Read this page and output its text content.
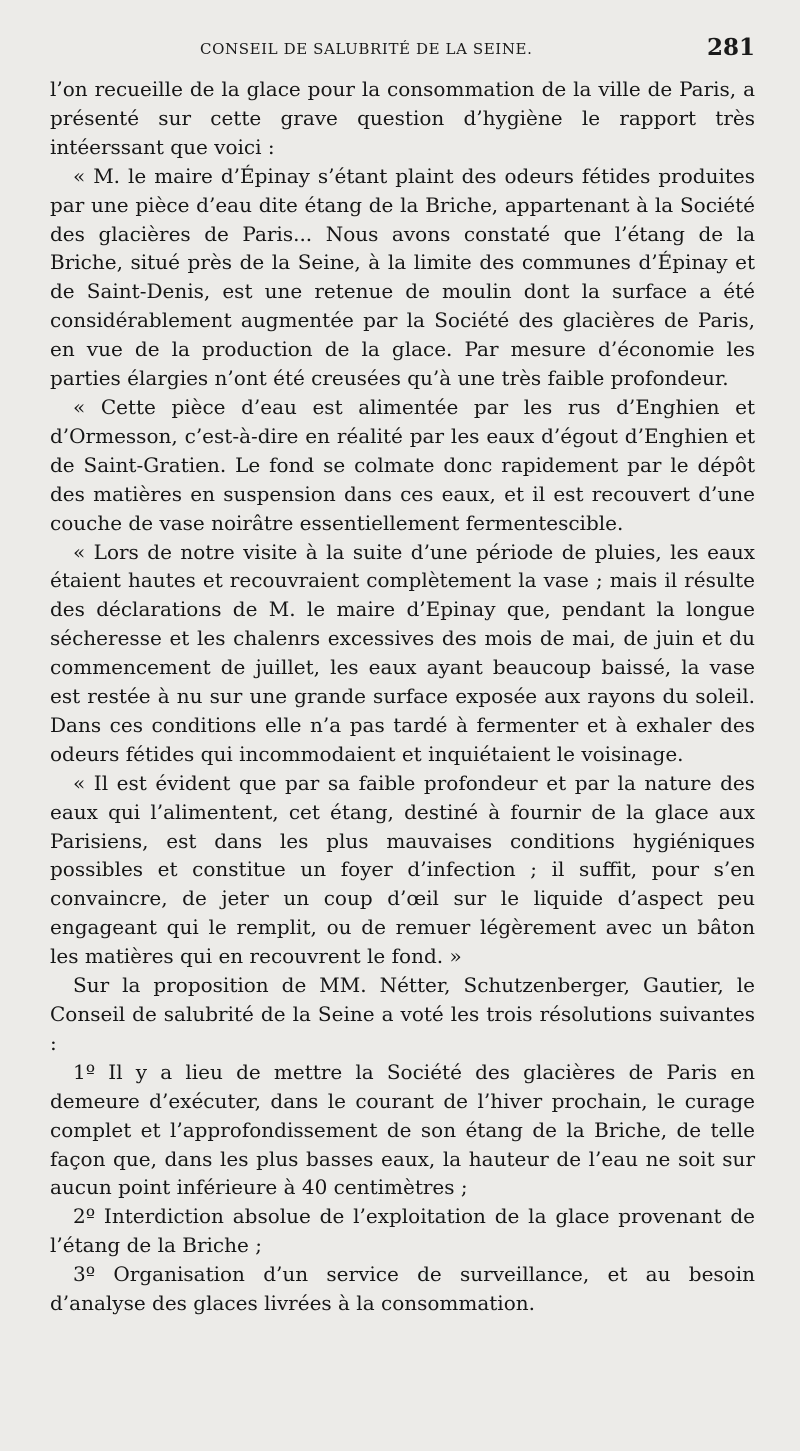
CONSEIL DE SALUBRITÉ DE LA SEINE.	281

l’on recueille de la glace pour la consommation de la ville de Paris, a présenté sur cette grave question d’hygiène le rapport très intéerssant que voici :

« M. le maire d’Épinay s’étant plaint des odeurs fétides produites par une pièce d’eau dite étang de la Briche, appartenant à la Société des glacières de Paris... Nous avons constaté que l’étang de la Briche, situé près de la Seine, à la limite des communes d’Épinay et de Saint-Denis, est une retenue de moulin dont la surface a été considérablement augmentée par la Société des glacières de Paris, en vue de la production de la glace. Par mesure d’économie les parties élargies n’ont été creusées qu’à une très faible profondeur.

« Cette pièce d’eau est alimentée par les rus d’Enghien et d’Ormesson, c’est-à-dire en réalité par les eaux d’égout d’Enghien et de Saint-Gratien. Le fond se colmate donc rapidement par le dépôt des matières en suspension dans ces eaux, et il est recouvert d’une couche de vase noirâtre essentiellement fermentescible.

« Lors de notre visite à la suite d’une période de pluies, les eaux étaient hautes et recouvraient complètement la vase ; mais il résulte des déclarations de M. le maire d’Epinay que, pendant la longue sécheresse et les chalenrs excessives des mois de mai, de juin et du commencement de juillet, les eaux ayant beaucoup baissé, la vase est restée à nu sur une grande surface exposée aux rayons du soleil. Dans ces conditions elle n’a pas tardé à fermenter et à exhaler des odeurs fétides qui incommodaient et inquiétaient le voisinage.

« Il est évident que par sa faible profondeur et par la nature des eaux qui l’alimentent, cet étang, destiné à fournir de la glace aux Parisiens, est dans les plus mauvaises conditions hygiéniques possibles et constitue un foyer d’infection ; il suffit, pour s’en convaincre, de jeter un coup d’œil sur le liquide d’aspect peu engageant qui le remplit, ou de remuer légèrement avec un bâton les matières qui en recouvrent le fond. »

Sur la proposition de MM. Nétter, Schutzenberger, Gautier, le Conseil de salubrité de la Seine a voté les trois résolutions suivantes :

1º Il y a lieu de mettre la Société des glacières de Paris en demeure d’exécuter, dans le courant de l’hiver prochain, le curage complet et l’approfondissement de son étang de la Briche, de telle façon que, dans les plus basses eaux, la hauteur de l’eau ne soit sur aucun point inférieure à 40 centimètres ;

2º Interdiction absolue de l’exploitation de la glace provenant de l’étang de la Briche ;

3º Organisation d’un service de surveillance, et au besoin d’analyse des glaces livrées à la consommation.
